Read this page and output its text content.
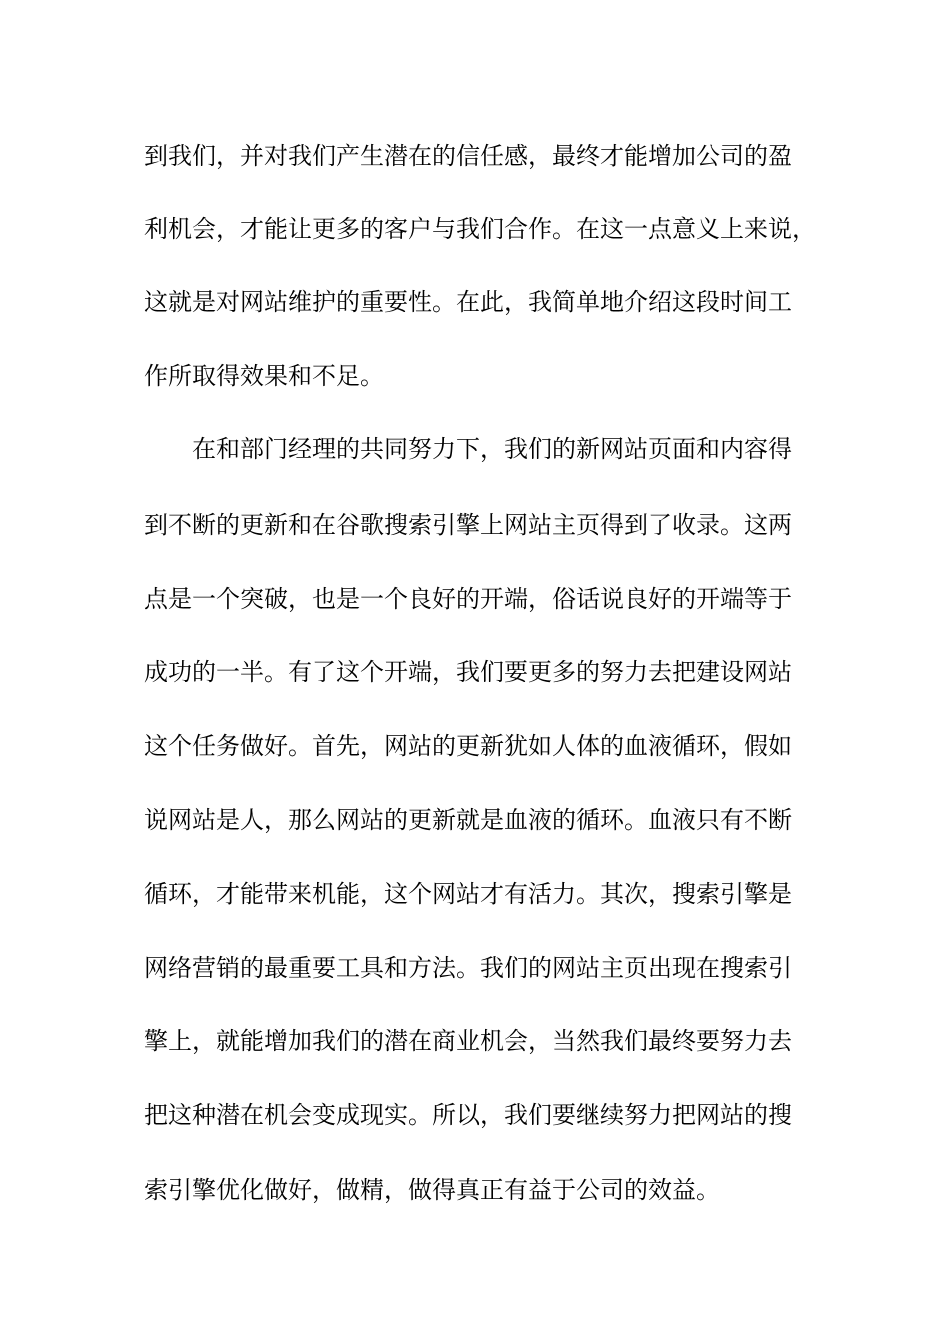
到我们，并对我们产生潜在的信任感，最终才能增加公司的盈
利机会，才能让更多的客户与我们合作。在这一点意义上来说，
这就是对网站维护的重要性。在此，我简单地介绍这段时间工
作所取得效果和不足。
在和部门经理的共同努力下，我们的新网站页面和内容得
到不断的更新和在谷歌搜索引擎上网站主页得到了收录。这两
点是一个突破，也是一个良好的开端，俗话说良好的开端等于
成功的一半。有了这个开端，我们要更多的努力去把建设网站
这个任务做好。首先，网站的更新犹如人体的血液循环，假如
说网站是人，那么网站的更新就是血液的循环。血液只有不断
循环，才能带来机能，这个网站才有活力。其次，搜索引擎是
网络营销的最重要工具和方法。我们的网站主页出现在搜索引
擎上，就能增加我们的潜在商业机会，当然我们最终要努力去
把这种潜在机会变成现实。所以，我们要继续努力把网站的搜
索引擎优化做好，做精，做得真正有益于公司的效益。
